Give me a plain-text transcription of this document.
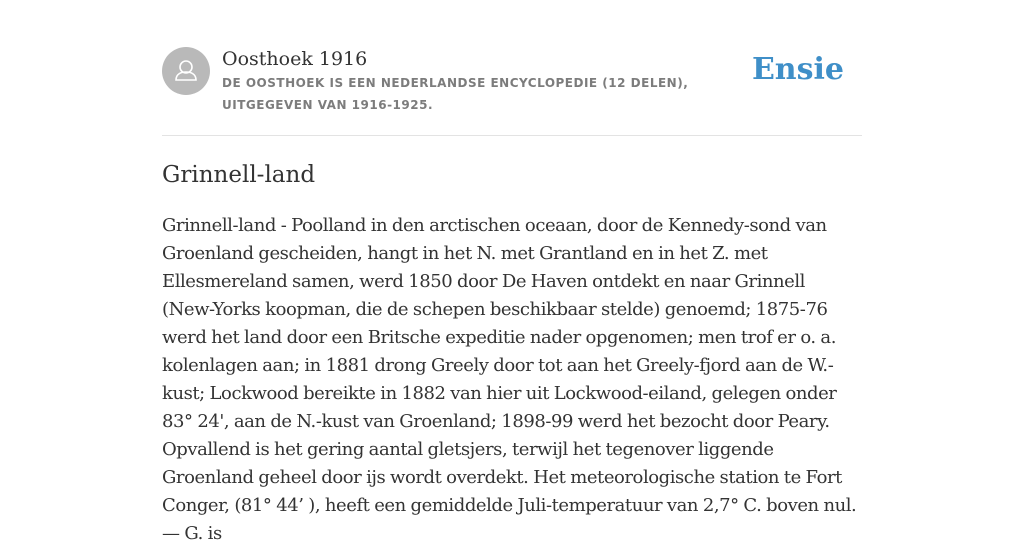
Oosthoek 1916
DE OOSTHOEK IS EEN NEDERLANDSE ENCYCLOPEDIE (12 DELEN), UITGEGEVEN VAN 1916-1925.
Ensie
Grinnell-land

Grinnell-land - Poolland in den arctischen oceaan, door de Kennedy-sond van Groenland gescheiden, hangt in het N. met Grantland en in het Z. met Ellesmereland samen, werd 1850 door De Haven ontdekt en naar Grinnell (New-Yorks koopman, die de schepen beschikbaar stelde) genoemd; 1875-76 werd het land door een Britsche expeditie nader opgenomen; men trof er o. a. kolenlagen aan; in 1881 drong Greely door tot aan het Greely-fjord aan de W.-kust; Lockwood bereikte in 1882 van hier uit Lockwood-eiland, gelegen onder 83° 24', aan de N.-kust van Groenland; 1898-99 werd het bezocht door Peary. Opvallend is het gering aantal gletsjers, terwijl het tegenover liggende Groenland geheel door ijs wordt overdekt. Het meteorologische station te Fort Conger, (81° 44’ ), heeft een gemiddelde Juli-temperatuur van 2,7° C. boven nul. — G. is
